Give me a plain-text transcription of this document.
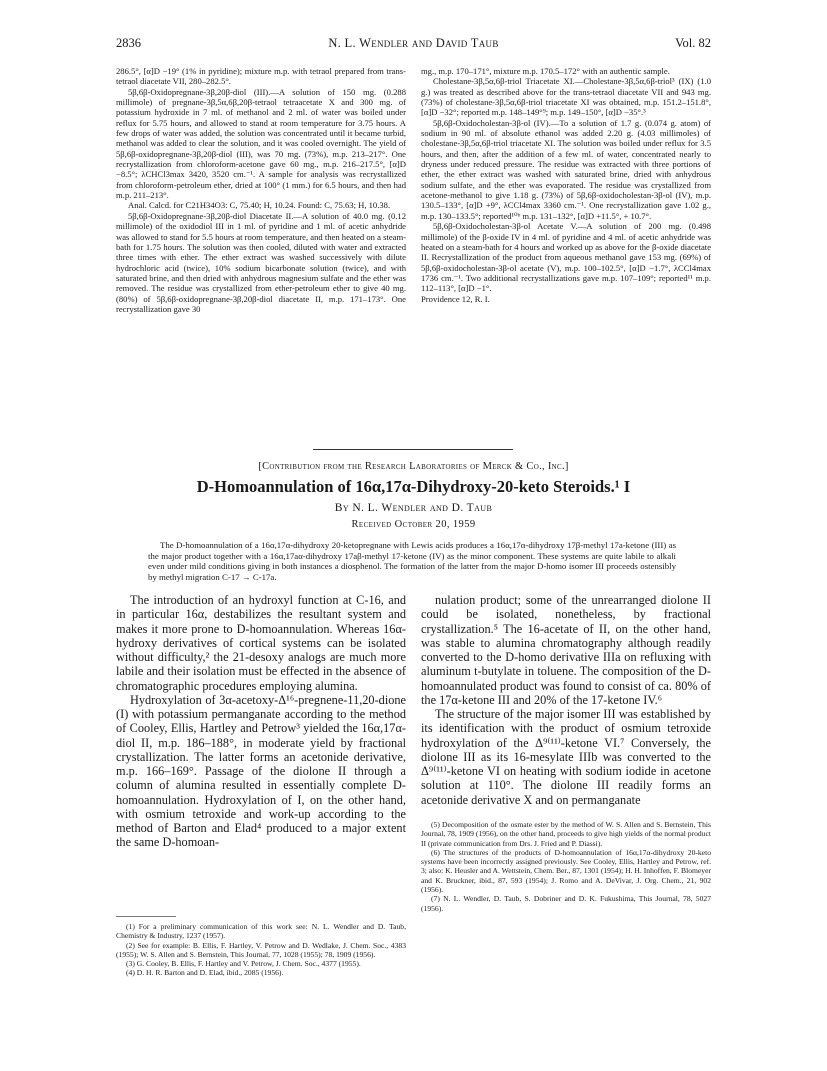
2836	N. L. Wendler and David Taub	Vol. 82

286.5°, [α]D −19° (1% in pyridine); mixture m.p. with tetraol prepared from trans-tetraol diacetate VII, 280–282.5°.

5β,6β-Oxidopregnane-3β,20β-diol (III).—A solution of 150 mg. (0.288 millimole) of pregnane-3β,5α,6β,20β-tetraol tetraacetate X and 300 mg. of potassium hydroxide in 7 ml. of methanol and 2 ml. of water was boiled under reflux for 5.75 hours, and allowed to stand at room temperature for 3.75 hours. A few drops of water was added, the solution was concentrated until it became turbid, methanol was added to clear the solution, and it was cooled overnight. The yield of 5β,6β-oxidopregnane-3β,20β-diol (III), was 70 mg. (73%), m.p. 213–217°. One recrystallization from chloroform-acetone gave 60 mg., m.p. 216–217.5°, [α]D −8.5°; λCHCl3max 3420, 3520 cm.⁻¹. A sample for analysis was recrystallized from chloroform-petroleum ether, dried at 100° (1 mm.) for 6.5 hours, and then had m.p. 211–213°.

Anal. Calcd. for C21H34O3: C, 75.40; H, 10.24. Found: C, 75.63; H, 10.38.

5β,6β-Oxidopregnane-3β,20β-diol Diacetate II.—A solution of 40.0 mg. (0.12 millimole) of the oxidodiol III in 1 ml. of pyridine and 1 ml. of acetic anhydride was allowed to stand for 5.5 hours at room temperature, and then heated on a steam-bath for 1.75 hours. The solution was then cooled, diluted with water and extracted three times with ether. The ether extract was washed successively with dilute hydrochloric acid (twice), 10% sodium bicarbonate solution (twice), and with saturated brine, and then dried with anhydrous magnesium sulfate and the ether was removed. The residue was crystallized from ether-petroleum ether to give 40 mg. (80%) of 5β,6β-oxidopregnane-3β,20β-diol diacetate II, m.p. 171–173°. One recrystallization gave 30

mg., m.p. 170–171°, mixture m.p. 170.5–172° with an authentic sample.

Cholestane-3β,5α,6β-triol Triacetate XI.—Cholestane-3β,5α,6β-triol³ (IX) (1.0 g.) was treated as described above for the trans-tetraol diacetate VII and 943 mg. (73%) of cholestane-3β,5α,6β-triol triacetate XI was obtained, m.p. 151.2–151.8°, [α]D −32°; reported m.p. 148–149°⁹; m.p. 149–150°, [α]D −35°.³

5β,6β-Oxidocholestan-3β-ol (IV).—To a solution of 1.7 g. (0.074 g. atom) of sodium in 90 ml. of absolute ethanol was added 2.20 g. (4.03 millimoles) of cholestane-3β,5α,6β-triol triacetate XI. The solution was boiled under reflux for 3.5 hours, and then, after the addition of a few ml. of water, concentrated nearly to dryness under reduced pressure. The residue was extracted with three portions of ether, the ether extract was washed with saturated brine, dried with anhydrous sodium sulfate, and the ether was evaporated. The residue was crystallized from acetone-methanol to give 1.18 g. (73%) of 5β,6β-oxidocholestan-3β-ol (IV), m.p. 130.5–133°, [α]D +9°, λCCl4max 3360 cm.⁻¹. One recrystallization gave 1.02 g., m.p. 130–133.5°; reported¹⁰ᵇ m.p. 131–132°, [α]D +11.5°, + 10.7°.

5β,6β-Oxidocholestan-3β-ol Acetate V.—A solution of 200 mg. (0.498 millimole) of the β-oxide IV in 4 ml. of pyridine and 4 ml. of acetic anhydride was heated on a steam-bath for 4 hours and worked up as above for the β-oxide diacetate II. Recrystallization of the product from aqueous methanol gave 153 mg. (69%) of 5β,6β-oxidocholestan-3β-ol acetate (V), m.p. 100–102.5°, [α]D −1.7°, λCCl4max 1736 cm.⁻¹. Two additional recrystallizations gave m.p. 107–109°; reported¹¹ m.p. 112–113°, [α]D −1°.

Providence 12, R. I.

[Contribution from the Research Laboratories of Merck & Co., Inc.]
D-Homoannulation of 16α,17α-Dihydroxy-20-keto Steroids.¹ I
By N. L. Wendler and D. Taub
Received October 20, 1959

The D-homoannulation of a 16α,17α-dihydroxy 20-ketopregnane with Lewis acids produces a 16α,17α-dihydroxy 17β-methyl 17a-ketone (III) as the major product together with a 16α,17aα-dihydroxy 17aβ-methyl 17-ketone (IV) as the minor component. These systems are quite labile to alkali even under mild conditions giving in both instances a diosphenol. The formation of the latter from the major D-homo isomer III proceeds ostensibly by methyl migration C-17 → C-17a.

The introduction of an hydroxyl function at C-16, and in particular 16α, destabilizes the resultant system and makes it more prone to D-homoannulation. Whereas 16α-hydroxy derivatives of cortical systems can be isolated without difficulty,² the 21-desoxy analogs are much more labile and their isolation must be effected in the absence of chromatographic procedures employing alumina.

Hydroxylation of 3α-acetoxy-Δ¹⁶-pregnene-11,20-dione (I) with potassium permanganate according to the method of Cooley, Ellis, Hartley and Petrow³ yielded the 16α,17α-diol II, m.p. 186–188°, in moderate yield by fractional crystallization. The latter forms an acetonide derivative, m.p. 166–169°. Passage of the diolone II through a column of alumina resulted in essentially complete D-homoannulation. Hydroxylation of I, on the other hand, with osmium tetroxide and work-up according to the method of Barton and Elad⁴ produced to a major extent the same D-homoan-

nulation product; some of the unrearranged diolone II could be isolated, nonetheless, by fractional crystallization.⁵ The 16-acetate of II, on the other hand, was stable to alumina chromatography although readily converted to the D-homo derivative IIIa on refluxing with aluminum t-butylate in toluene. The composition of the D-homoannulated product was found to consist of ca. 80% of the 17α-ketone III and 20% of the 17-ketone IV.⁶

The structure of the major isomer III was established by its identification with the product of osmium tetroxide hydroxylation of the Δ⁹⁽¹¹⁾-ketone VI.⁷ Conversely, the diolone III as its 16-mesylate IIIb was converted to the Δ⁹⁽¹¹⁾-ketone VI on heating with sodium iodide in acetone solution at 110°. The diolone III readily forms an acetonide derivative X and on permanganate

(1) For a preliminary communication of this work see: N. L. Wendler and D. Taub, Chemistry & Industry, 1237 (1957).

(2) See for example: B. Ellis, F. Hartley, V. Petrow and D. Wedlake, J. Chem. Soc., 4383 (1955); W. S. Allen and S. Bernstein, This Journal, 77, 1028 (1955); 78, 1909 (1956).

(3) G. Cooley, B. Ellis, F. Hartley and V. Petrow, J. Chem. Soc., 4377 (1955).

(4) D. H. R. Barton and D. Elad, ibid., 2085 (1956).

(5) Decomposition of the osmate ester by the method of W. S. Allen and S. Bernstein, This Journal, 78, 1909 (1956), on the other hand, proceeds to give high yields of the normal product II (private communication from Drs. J. Fried and P. Diassi).

(6) The structures of the products of D-homoannulation of 16α,17α-dihydroxy 20-keto systems have been incorrectly assigned previously. See Cooley, Ellis, Hartley and Petrow, ref. 3; also: K. Heusler and A. Wettstein, Chem. Ber., 87, 1301 (1954); H. H. Inhoffen, F. Blomeyer and K. Bruckner, ibid., 87, 593 (1954); J. Romo and A. DeVivar, J. Org. Chem., 21, 902 (1956).

(7) N. L. Wendler, D. Taub, S. Dobriner and D. K. Fukushima, This Journal, 78, 5027 (1956).
